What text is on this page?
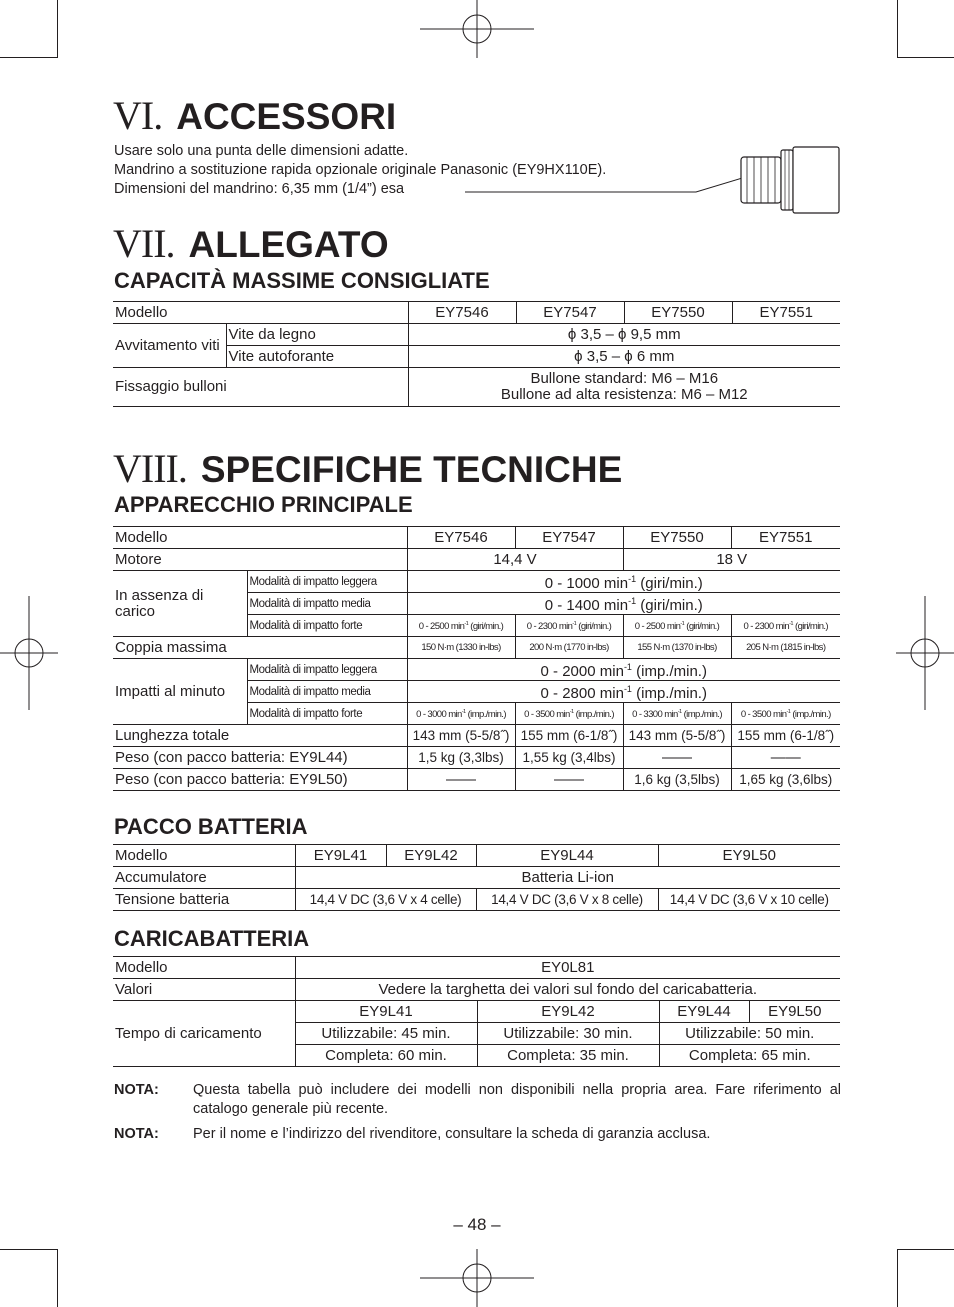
VI. ACCESSORI
Usare solo una punta delle dimensioni adatte.
Mandrino a sostituzione rapida opzionale originale Panasonic (EY9HX110E).
Dimensioni del mandrino: 6,35 mm (1/4”) esa
VII. ALLEGATO
CAPACITÀ MASSIME CONSIGLIATE
Modello		EY7546	EY7547	EY7550	EY7551
Avvitamento viti	Vite da legno	ϕ 3,5 – ϕ 9,5 mm			
	Vite autoforante	ϕ 3,5 – ϕ 6 mm			
Fissaggio bulloni		Bullone standard: M6 – M16
Bullone ad alta resistenza: M6 – M12			
VIII. SPECIFICHE TECNICHE
APPARECCHIO PRINCIPALE
Modello		EY7546	EY7547	EY7550	EY7551
Motore		14,4 V		18 V	
In assenza di carico	Modalità di impatto leggera	0 - 1000 $\min^{-1}$ (giri/min.)			
	Modalità di impatto media	0 - 1400 $\min^{-1}$ (giri/min.)			
	Modalità di impatto forte	0 - 2500 $\min^{-1}$ (giri/min.)	0 - 2300 $\min^{-1}$ (giri/min.)	0 - 2500 $\min^{-1}$ (giri/min.)	0 - 2300 $\min^{-1}$ (giri/min.)
Coppia massima		150 N·m (1330 in-lbs)	200 N·m (1770 in-lbs)	155 N·m (1370 in-lbs)	205 N·m (1815 in-lbs)
Impatti al minuto	Modalità di impatto leggera	0 - 2000 $\min^{-1} (imp./\min.)$			
	Modalità di impatto media	0 - 2800 $\min^{-1} (imp./\min.)$			
	Modalità di impatto forte	0 - 3000 $\min^{-1} (imp./\min.)$	0 - 3500 $\min^{-1} (imp./\min.)$	0 - 3300 $\min^{-1} (imp./\min.)$	0 - 3500 $\min^{-1} (imp./\min.)$
Lunghezza totale		143 mm (5-5/8˝)	155 mm (6-1/8˝)	143 mm (5-5/8˝)	155 mm (6-1/8˝)
Peso (con pacco batteria: EY9L44)		1,5 kg (3,3lbs)	1,55 kg (3,4lbs)	——	——
Peso (con pacco batteria: EY9L50)		——	——	1,6 kg (3,5lbs)	1,65 kg (3,6lbs)
PACCO BATTERIA
Modello	EY9L41	EY9L42	EY9L44	EY9L50
Accumulatore	Batteria Li-ion			
Tensione batteria	14,4 V DC (3,6 V x 4 celle)		14,4 V DC (3,6 V x 8 celle)	14,4 V DC (3,6 V x 10 celle)
CARICABATTERIA
Modello	EY0L81			
Valori	Vedere la targhetta dei valori sul fondo del caricabatteria.			
Tempo di caricamento	EY9L41	EY9L42	EY9L44	EY9L50
	Utilizzabile: 45 min.	Utilizzabile: 30 min.	Utilizzabile: 50 min.	
	Completa: 60 min.	Completa: 35 min.	Completa: 65 min.	
NOTA: Questa tabella può includere dei modelli non disponibili nella propria area. Fare riferimento al catalogo generale più recente.
NOTA: Per il nome e l’indirizzo del rivenditore, consultare la scheda di garanzia acclusa.
– 48 –
